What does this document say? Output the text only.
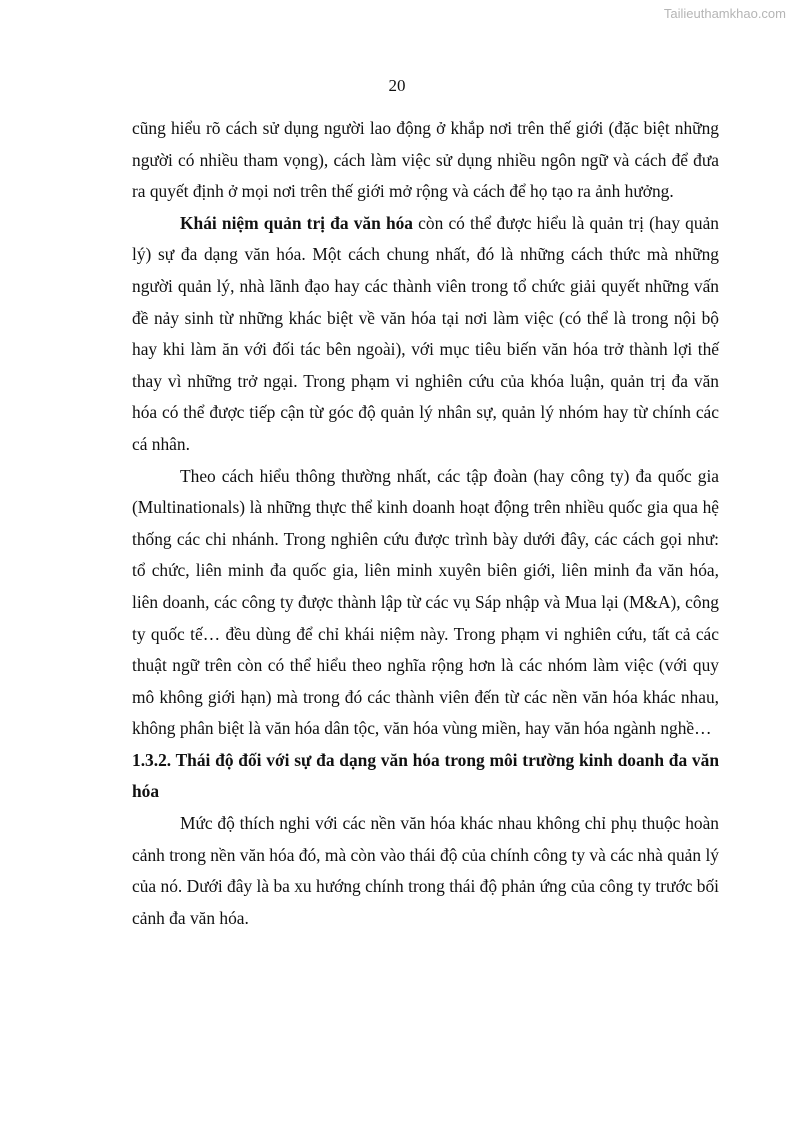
Tailieuthamkhao.com
20

cũng hiểu rõ cách sử dụng người lao động ở khắp nơi trên thế giới (đặc biệt những người có nhiều tham vọng), cách làm việc sử dụng nhiều ngôn ngữ và cách để đưa ra quyết định ở mọi nơi trên thế giới mở rộng và cách để họ tạo ra ảnh hưởng.

Khái niệm quản trị đa văn hóa còn có thể được hiểu là quản trị (hay quản lý) sự đa dạng văn hóa. Một cách chung nhất, đó là những cách thức mà những người quản lý, nhà lãnh đạo hay các thành viên trong tổ chức giải quyết những vấn đề nảy sinh từ những khác biệt về văn hóa tại nơi làm việc (có thể là trong nội bộ hay khi làm ăn với đối tác bên ngoài), với mục tiêu biến văn hóa trở thành lợi thế thay vì những trở ngại. Trong phạm vi nghiên cứu của khóa luận, quản trị đa văn hóa có thể được tiếp cận từ góc độ quản lý nhân sự, quản lý nhóm hay từ chính các cá nhân.

Theo cách hiểu thông thường nhất, các tập đoàn (hay công ty) đa quốc gia (Multinationals) là những thực thể kinh doanh hoạt động trên nhiều quốc gia qua hệ thống các chi nhánh. Trong nghiên cứu được trình bày dưới đây, các cách gọi như: tổ chức, liên minh đa quốc gia, liên minh xuyên biên giới, liên minh đa văn hóa, liên doanh, các công ty được thành lập từ các vụ Sáp nhập và Mua lại (M&A), công ty quốc tế… đều dùng để chỉ khái niệm này. Trong phạm vi nghiên cứu, tất cả các thuật ngữ trên còn có thể hiểu theo nghĩa rộng hơn là các nhóm làm việc (với quy mô không giới hạn) mà trong đó các thành viên đến từ các nền văn hóa khác nhau, không phân biệt là văn hóa dân tộc, văn hóa vùng miền, hay văn hóa ngành nghề…

1.3.2. Thái độ đối với sự đa dạng văn hóa trong môi trường kinh doanh đa văn hóa

Mức độ thích nghi với các nền văn hóa khác nhau không chỉ phụ thuộc hoàn cảnh trong nền văn hóa đó, mà còn vào thái độ của chính công ty và các nhà quản lý của nó. Dưới đây là ba xu hướng chính trong thái độ phản ứng của công ty trước bối cảnh đa văn hóa.
